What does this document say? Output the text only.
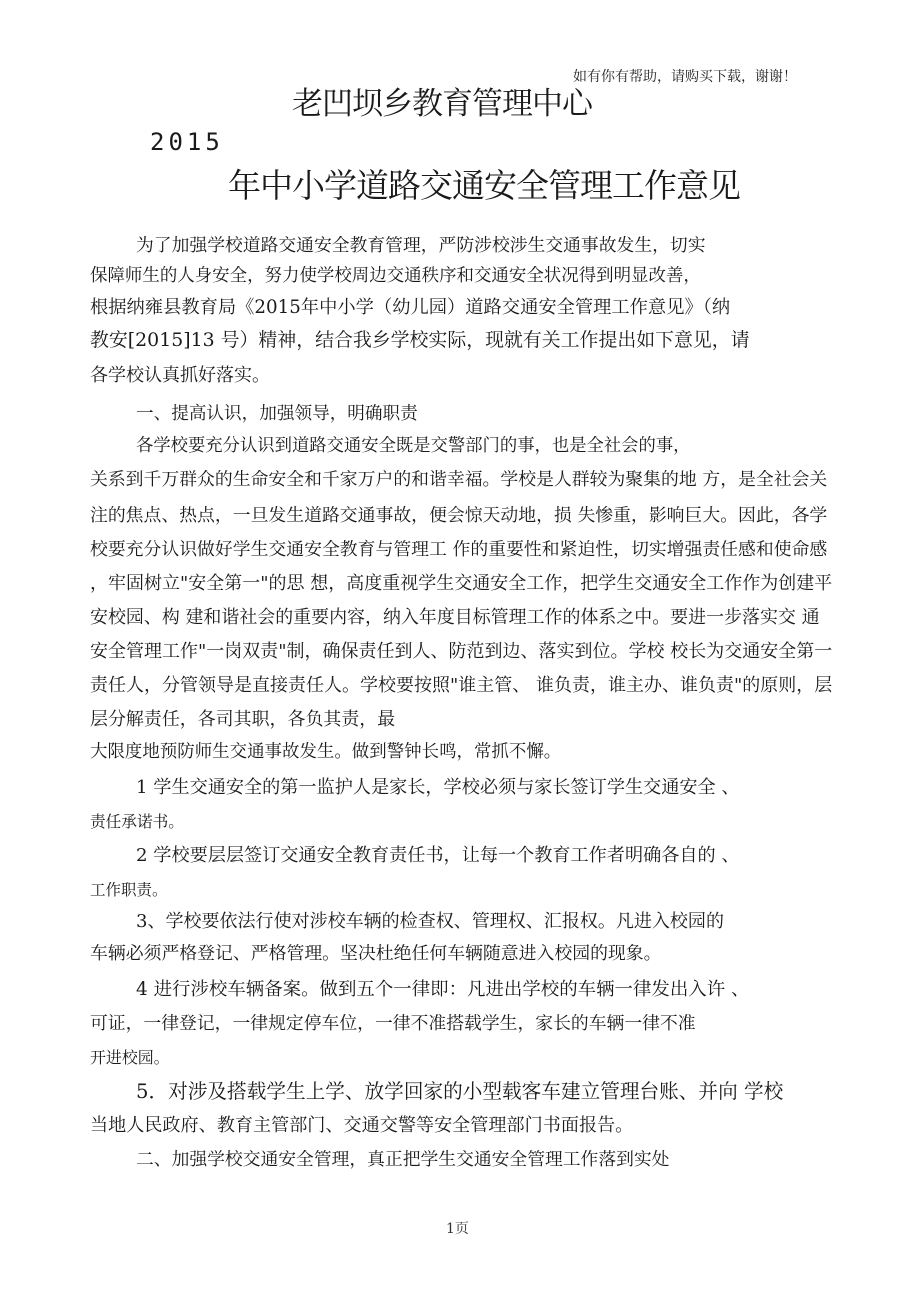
如有你有帮助，请购买下载，谢谢！
老凹坝乡教育管理中心
2015
年中小学道路交通安全管理工作意见
为了加强学校道路交通安全教育管理，严防涉校涉生交通事故发生，切实
保障师生的人身安全，努力使学校周边交通秩序和交通安全状况得到明显改善，
根据纳雍县教育局《2015年中小学（幼儿园）道路交通安全管理工作意见》（纳
教安[2015]13 号）精神，结合我乡学校实际，现就有关工作提出如下意见，请
各学校认真抓好落实。
一、提高认识，加强领导，明确职责
各学校要充分认识到道路交通安全既是交警部门的事，也是全社会的事，
关系到千万群众的生命安全和千家万户的和谐幸福。学校是人群较为聚集的地 方，是全社会关
注的焦点、热点，一旦发生道路交通事故，便会惊天动地，损 失惨重，影响巨大。因此，各学
校要充分认识做好学生交通安全教育与管理工 作的重要性和紧迫性，切实增强责任感和使命感
，牢固树立"安全第一"的思 想，高度重视学生交通安全工作，把学生交通安全工作作为创建平
安校园、构 建和谐社会的重要内容，纳入年度目标管理工作的体系之中。要进一步落实交 通
安全管理工作"一岗双责"制，确保责任到人、防范到边、落实到位。学校 校长为交通安全第一
责任人，分管领导是直接责任人。学校要按照"谁主管、 谁负责，谁主办、谁负责"的原则，层
层分解责任，各司其职，各负其责，最
大限度地预防师生交通事故发生。做到警钟长鸣，常抓不懈。
1 学生交通安全的第一监护人是家长，学校必须与家长签订学生交通安全 、
责任承诺书。
2 学校要层层签订交通安全教育责任书，让每一个教育工作者明确各自的 、
工作职责。
3、学校要依法行使对涉校车辆的检查权、管理权、汇报权。凡进入校园的
车辆必须严格登记、严格管理。坚决杜绝任何车辆随意进入校园的现象。
4 进行涉校车辆备案。做到五个一律即：凡进出学校的车辆一律发出入许 、
可证，一律登记，一律规定停车位，一律不准搭载学生，家长的车辆一律不准
开进校园。
5．对涉及搭载学生上学、放学回家的小型载客车建立管理台账、并向 学校
当地人民政府、教育主管部门、交通交警等安全管理部门书面报告。
二、加强学校交通安全管理，真正把学生交通安全管理工作落到实处
1页
